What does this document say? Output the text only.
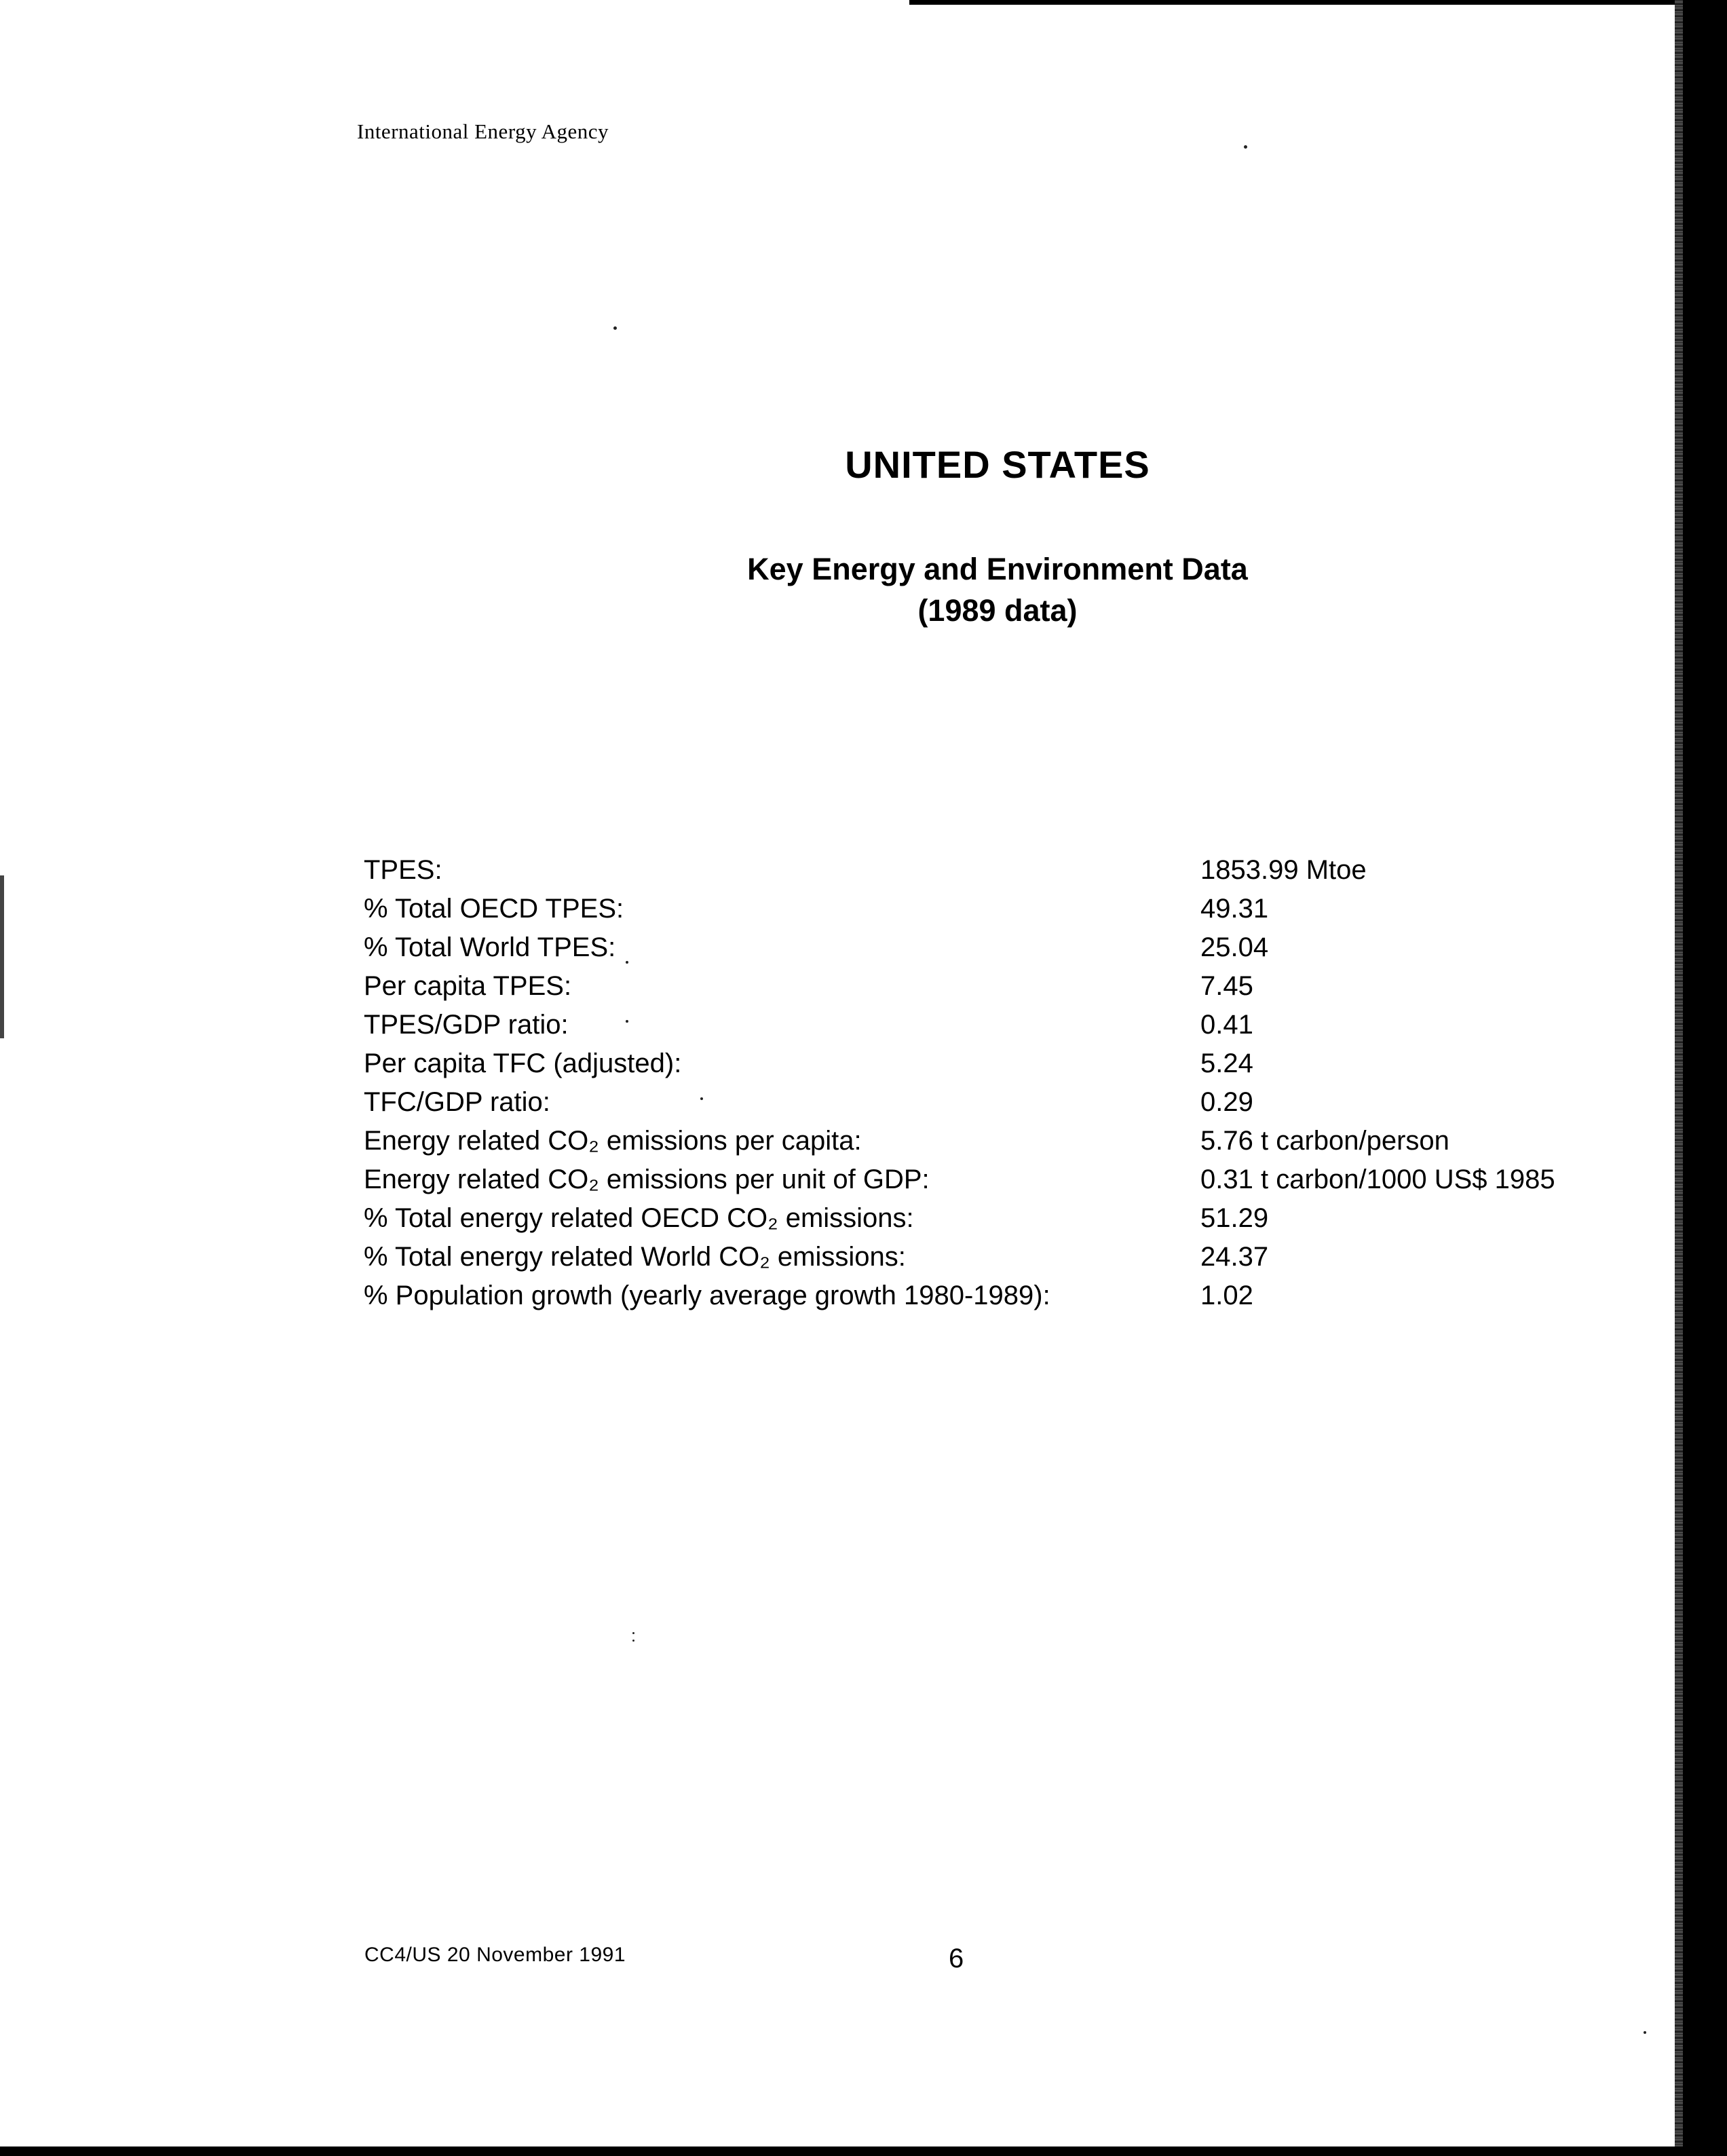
International Energy Agency
UNITED STATES
Key Energy and Environment Data
(1989 data)
TPES:	1853.99 Mtoe
% Total OECD TPES:	49.31
% Total World TPES:	25.04
Per capita TPES:	7.45
TPES/GDP ratio:	0.41
Per capita TFC (adjusted):	5.24
TFC/GDP ratio:	0.29
Energy related CO₂ emissions per capita:	5.76 t carbon/person
Energy related CO₂ emissions per unit of GDP:	0.31 t carbon/1000 US$ 1985
% Total energy related OECD CO₂ emissions:	51.29
% Total energy related World CO₂ emissions:	24.37
% Population growth (yearly average growth 1980-1989):	1.02
CC4/US 20 November 1991	6
